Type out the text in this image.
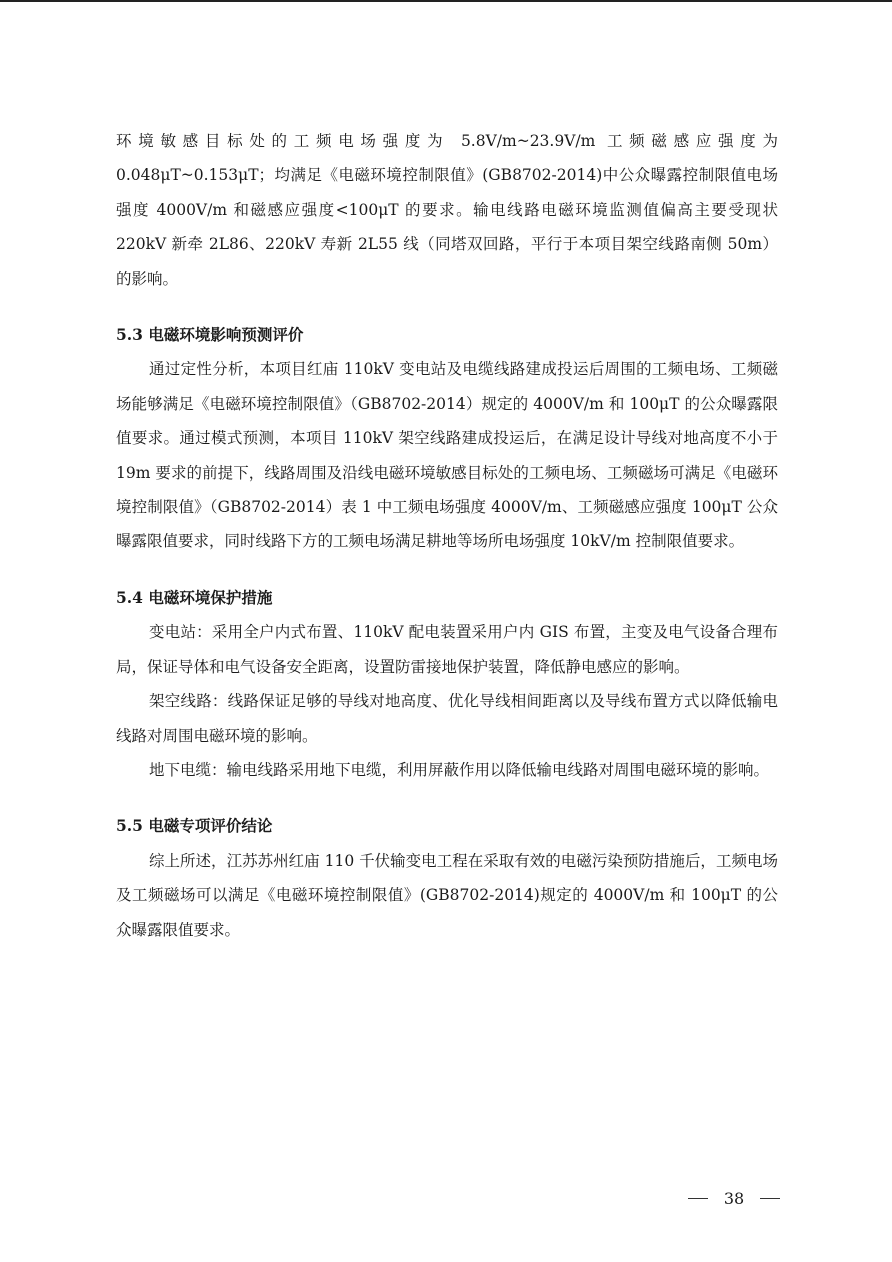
环境敏感目标处的工频电场强度为 5.8V/m~23.9V/m 工频磁感应强度为 0.048μT~0.153μT；均满足《电磁环境控制限值》(GB8702-2014)中公众曝露控制限值电场强度 4000V/m 和磁感应强度<100μT 的要求。输电线路电磁环境监测值偏高主要受现状 220kV 新牵 2L86、220kV 寿新 2L55 线（同塔双回路，平行于本项目架空线路南侧 50m）的影响。

5.3 电磁环境影响预测评价

通过定性分析，本项目红庙 110kV 变电站及电缆线路建成投运后周围的工频电场、工频磁场能够满足《电磁环境控制限值》（GB8702-2014）规定的 4000V/m 和 100μT 的公众曝露限值要求。通过模式预测，本项目 110kV 架空线路建成投运后，在满足设计导线对地高度不小于 19m 要求的前提下，线路周围及沿线电磁环境敏感目标处的工频电场、工频磁场可满足《电磁环境控制限值》（GB8702-2014）表 1 中工频电场强度 4000V/m、工频磁感应强度 100μT 公众曝露限值要求，同时线路下方的工频电场满足耕地等场所电场强度 10kV/m 控制限值要求。

5.4 电磁环境保护措施

变电站：采用全户内式布置、110kV 配电装置采用户内 GIS 布置，主变及电气设备合理布局，保证导体和电气设备安全距离，设置防雷接地保护装置，降低静电感应的影响。

架空线路：线路保证足够的导线对地高度、优化导线相间距离以及导线布置方式以降低输电线路对周围电磁环境的影响。

地下电缆：输电线路采用地下电缆，利用屏蔽作用以降低输电线路对周围电磁环境的影响。

5.5 电磁专项评价结论

综上所述，江苏苏州红庙 110 千伏输变电工程在采取有效的电磁污染预防措施后，工频电场及工频磁场可以满足《电磁环境控制限值》(GB8702-2014)规定的 4000V/m 和 100μT 的公众曝露限值要求。

38
